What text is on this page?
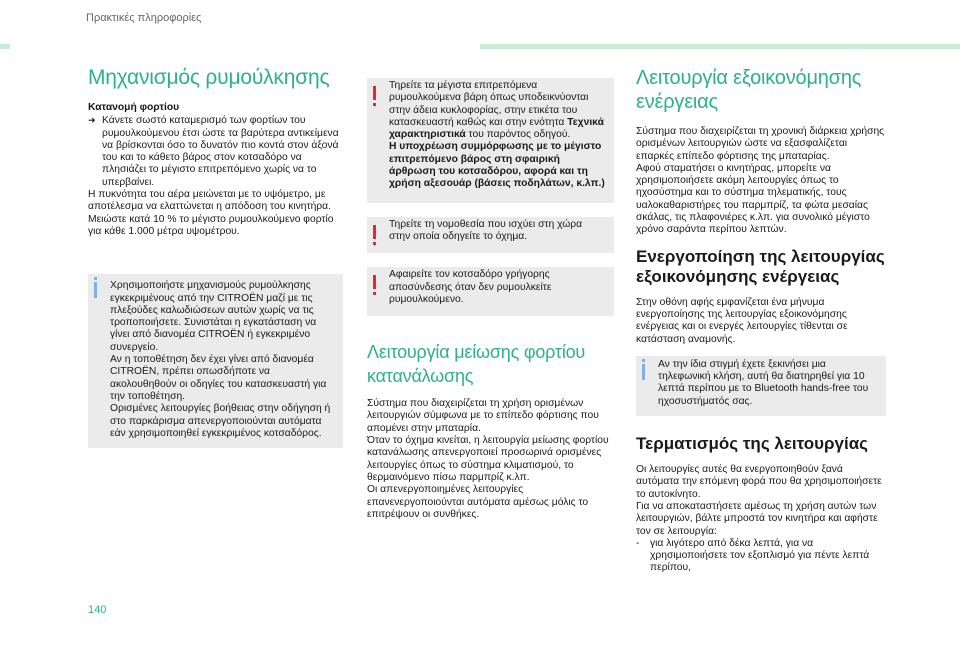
Πρακτικές πληροφορίες
Μηχανισμός ρυμούλκησης

Κατανομή φορτίου

➜ Κάνετε σωστό καταμερισμό των φορτίων του ρυμουλκούμενου έτσι ώστε τα βαρύτερα αντικείμενα να βρίσκονται όσο το δυνατόν πιο κοντά στον άξονά του και το κάθετο βάρος στον κοτσαδόρο να πλησιάζει το μέγιστο επιτρεπόμενο χωρίς να το υπερβαίνει.

Η πυκνότητα του αέρα μειώνεται με το υψόμετρο, με αποτέλεσμα να ελαττώνεται η απόδοση του κινητήρα. Μειώστε κατά 10 % το μέγιστο ρυμουλκούμενο φορτίο για κάθε 1.000 μέτρα υψομέτρου.

Χρησιμοποιήστε μηχανισμούς ρυμούλκησης εγκεκριμένους από την CITROËN μαζί με τις πλεξούδες καλωδιώσεων αυτών χωρίς να τις τροποποιήσετε. Συνιστάται η εγκατάσταση να γίνει από διανομέα CITROËN ή εγκεκριμένο συνεργείο.

Αν η τοποθέτηση δεν έχει γίνει από διανομέα CITROËN, πρέπει οπωσδήποτε να ακολουθηθούν οι οδηγίες του κατασκευαστή για την τοποθέτηση.

Ορισμένες λειτουργίες βοήθειας στην οδήγηση ή στο παρκάρισμα απενεργοποιούνται αυτόματα εάν χρησιμοποιηθεί εγκεκριμένος κοτσαδόρος.

Τηρείτε τα μέγιστα επιτρεπόμενα ρυμουλκούμενα βάρη όπως υποδεικνύονται στην άδεια κυκλοφορίας, στην ετικέτα του κατασκευαστή καθώς και στην ενότητα Τεχνικά χαρακτηριστικά του παρόντος οδηγού.

Η υποχρέωση συμμόρφωσης με το μέγιστο επιτρεπόμενο βάρος στη σφαιρική άρθρωση του κοτσαδόρου, αφορά και τη χρήση αξεσουάρ (βάσεις ποδηλάτων, κ.λπ.)

Τηρείτε τη νομοθεσία που ισχύει στη χώρα στην οποία οδηγείτε το όχημα.

Αφαιρείτε τον κοτσαδόρο γρήγορης αποσύνδεσης όταν δεν ρυμουλκείτε ρυμουλκούμενο.

Λειτουργία μείωσης φορτίου κατανάλωσης

Σύστημα που διαχειρίζεται τη χρήση ορισμένων λειτουργιών σύμφωνα με το επίπεδο φόρτισης που απομένει στην μπαταρία.

Όταν το όχημα κινείται, η λειτουργία μείωσης φορτίου κατανάλωσης απενεργοποιεί προσωρινά ορισμένες λειτουργίες όπως το σύστημα κλιματισμού, το θερμαινόμενο πίσω παρμπρίζ κ.λπ.

Οι απενεργοποιημένες λειτουργίες επανενεργοποιούνται αυτόματα αμέσως μόλις το επιτρέψουν οι συνθήκες.

Λειτουργία εξοικονόμησης ενέργειας

Σύστημα που διαχειρίζεται τη χρονική διάρκεια χρήσης ορισμένων λειτουργιών ώστε να εξασφαλίζεται επαρκές επίπεδο φόρτισης της μπαταρίας.

Αφού σταματήσει ο κινητήρας, μπορείτε να χρησιμοποιήσετε ακόμη λειτουργίες όπως το ηχοσύστημα και το σύστημα τηλεματικής, τους υαλοκαθαριστήρες του παρμπρίζ, τα φώτα μεσαίας σκάλας, τις πλαφονιέρες κ.λπ. για συνολικό μέγιστο χρόνο σαράντα περίπου λεπτών.

Ενεργοποίηση της λειτουργίας εξοικονόμησης ενέργειας

Στην οθόνη αφής εμφανίζεται ένα μήνυμα ενεργοποίησης της λειτουργίας εξοικονόμησης ενέργειας και οι ενεργές λειτουργίες τίθενται σε κατάσταση αναμονής.

Αν την ίδια στιγμή έχετε ξεκινήσει μια τηλεφωνική κλήση, αυτή θα διατηρηθεί για 10 λεπτά περίπου με το Bluetooth hands-free του ηχοσυστήματός σας.

Τερματισμός της λειτουργίας

Οι λειτουργίες αυτές θα ενεργοποιηθούν ξανά αυτόματα την επόμενη φορά που θα χρησιμοποιήσετε το αυτοκίνητο.

Για να αποκαταστήσετε αμέσως τη χρήση αυτών των λειτουργιών, βάλτε μπροστά τον κινητήρα και αφήστε τον σε λειτουργία:

- για λιγότερο από δέκα λεπτά, για να χρησιμοποιήσετε τον εξοπλισμό για πέντε λεπτά περίπου,

140
